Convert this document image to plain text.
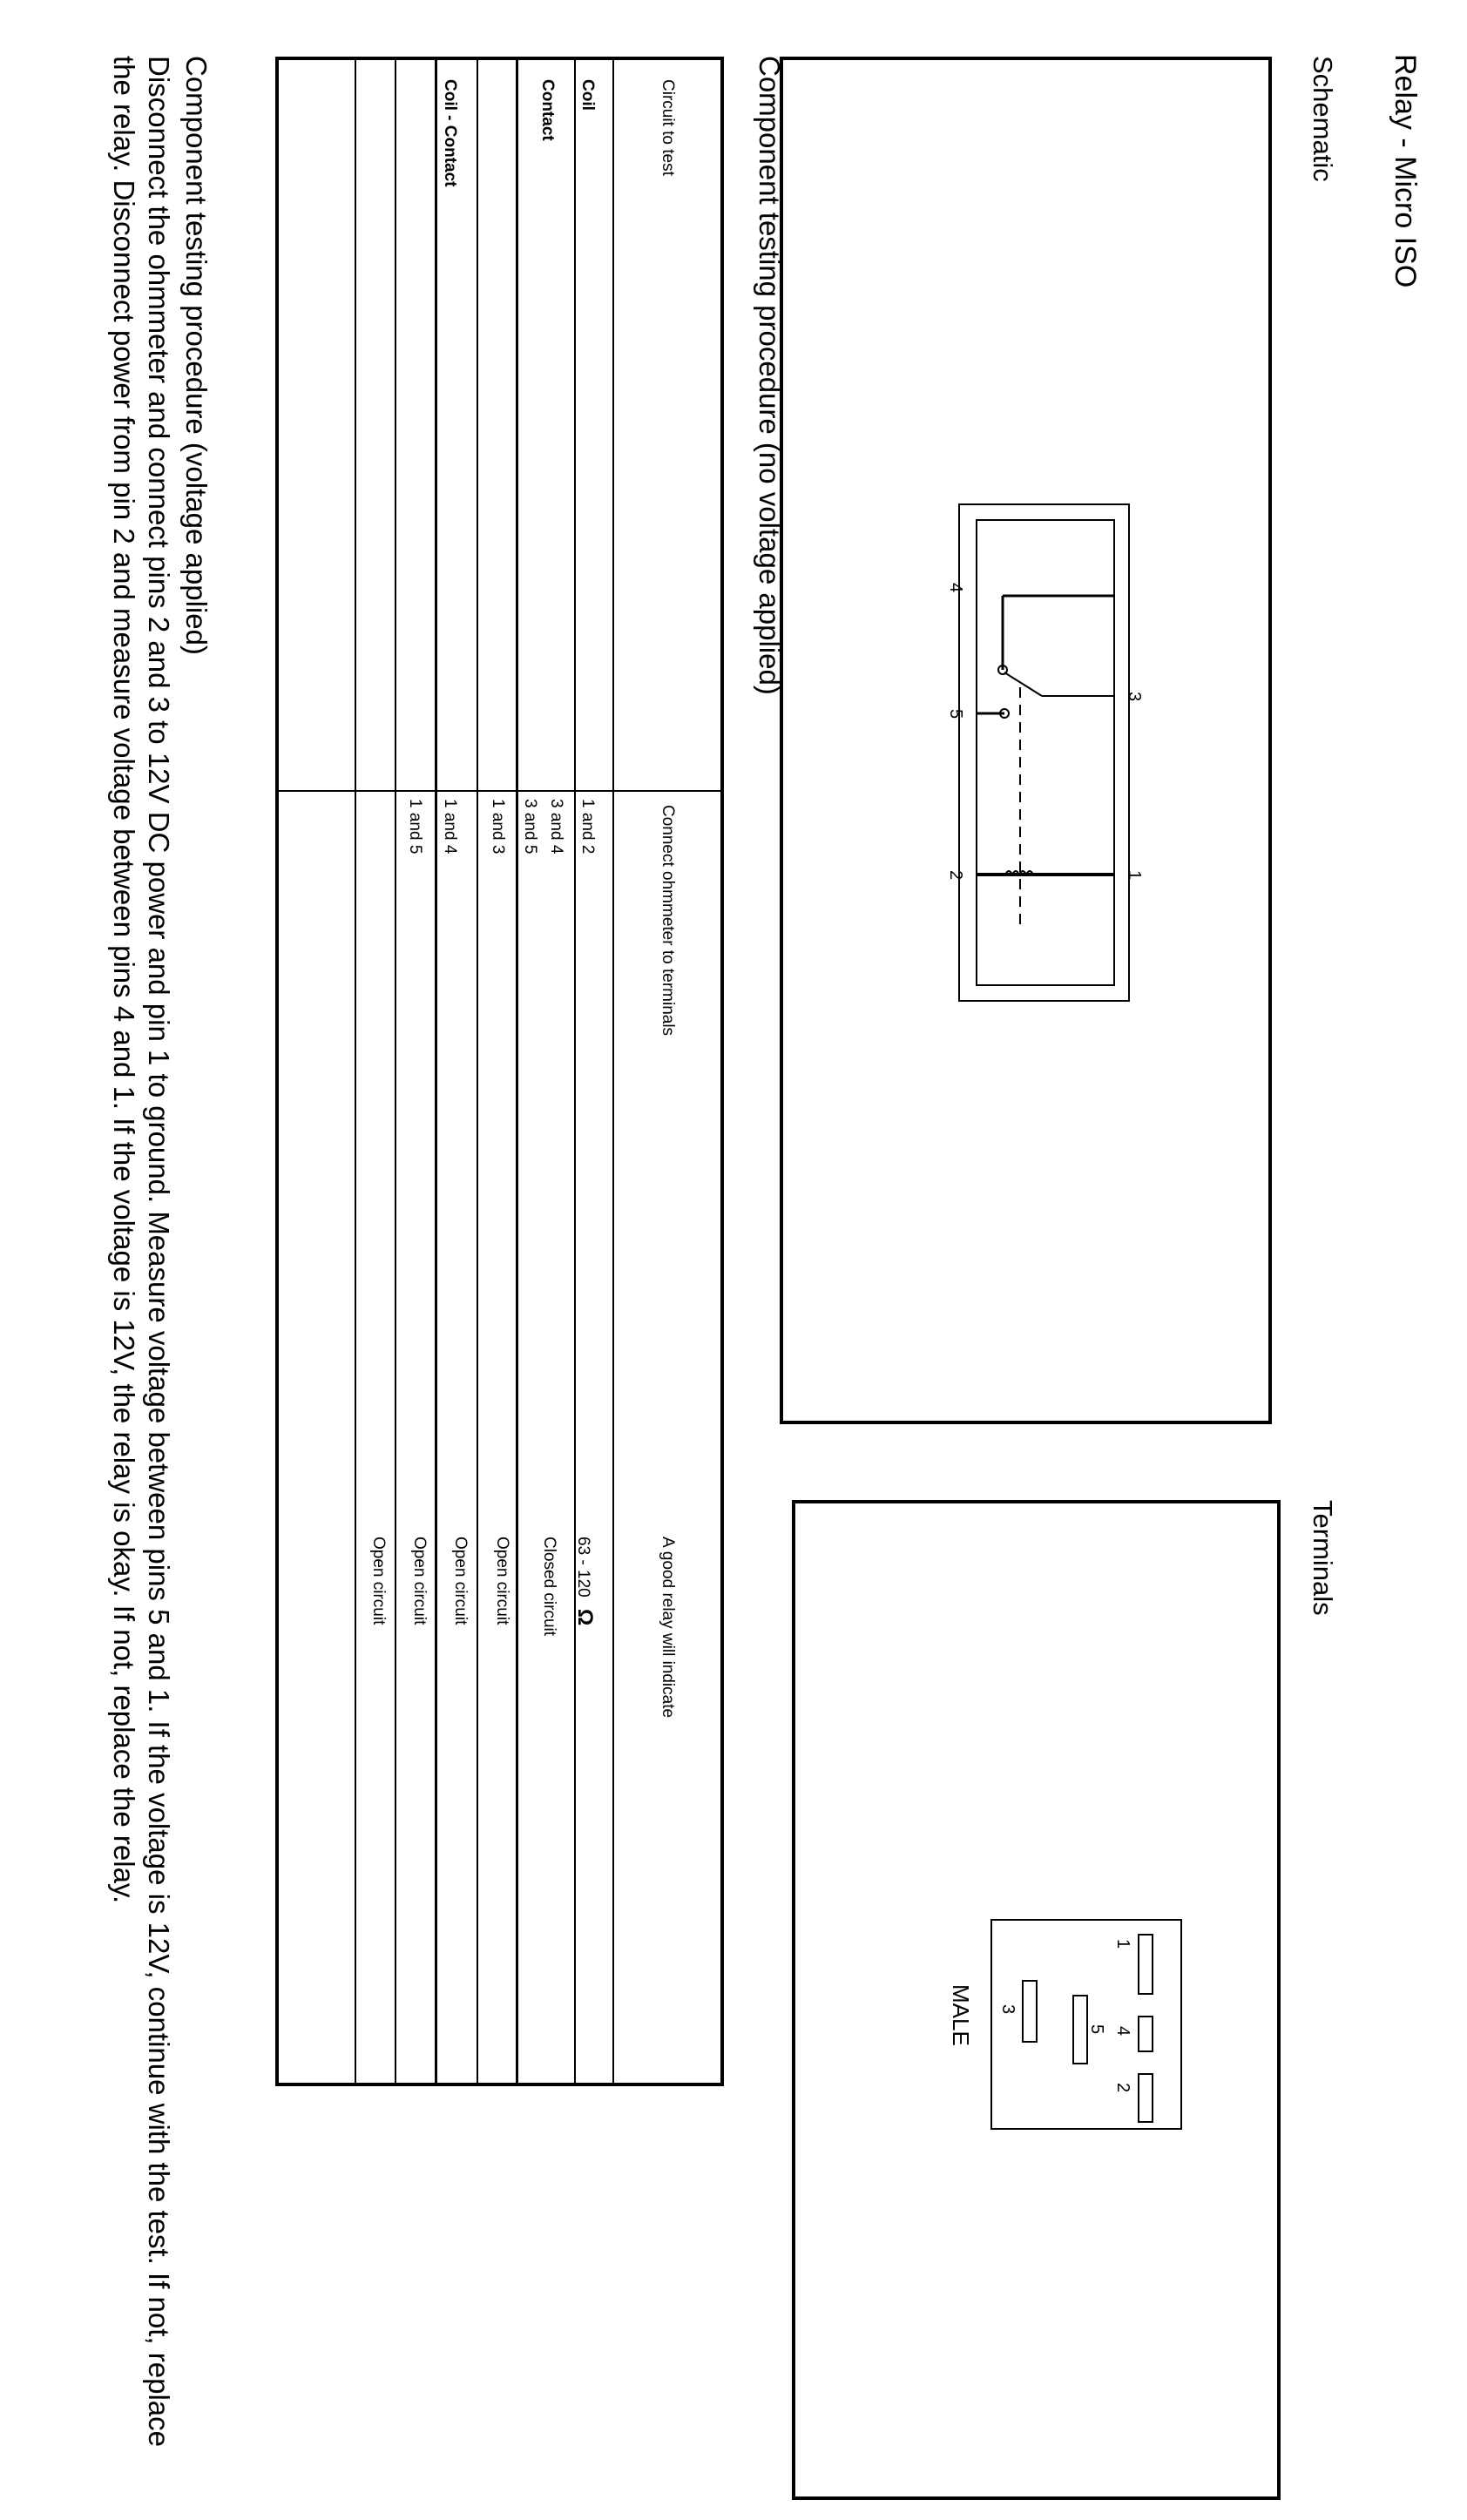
Relay - Micro ISO
Schematic
4
5
2
3
1
Terminals
1
4
2
5
3
MALE
Component testing procedure (no voltage applied)
Circuit to test
Connect ohmmeter to terminals
A good relay will indicate
Coil
Contact
Coil - Contact
1 and 2
63 - 120 Ω
3 and 4
Closed circuit
3 and 5
Open circuit
1 and 3
Open circuit
1 and 4
Open circuit
1 and 5
Open circuit
Component testing procedure (voltage applied)
Disconnect the ohmmeter and connect pins 2 and 3 to 12V DC power and pin 1 to ground. Measure voltage between pins 5 and 1. If the voltage is 12V, continue with the test. If not, replace the relay. Disconnect power from pin 2 and measure voltage between pins 4 and 1. If the voltage is 12V, the relay is okay. If not, replace the relay.
